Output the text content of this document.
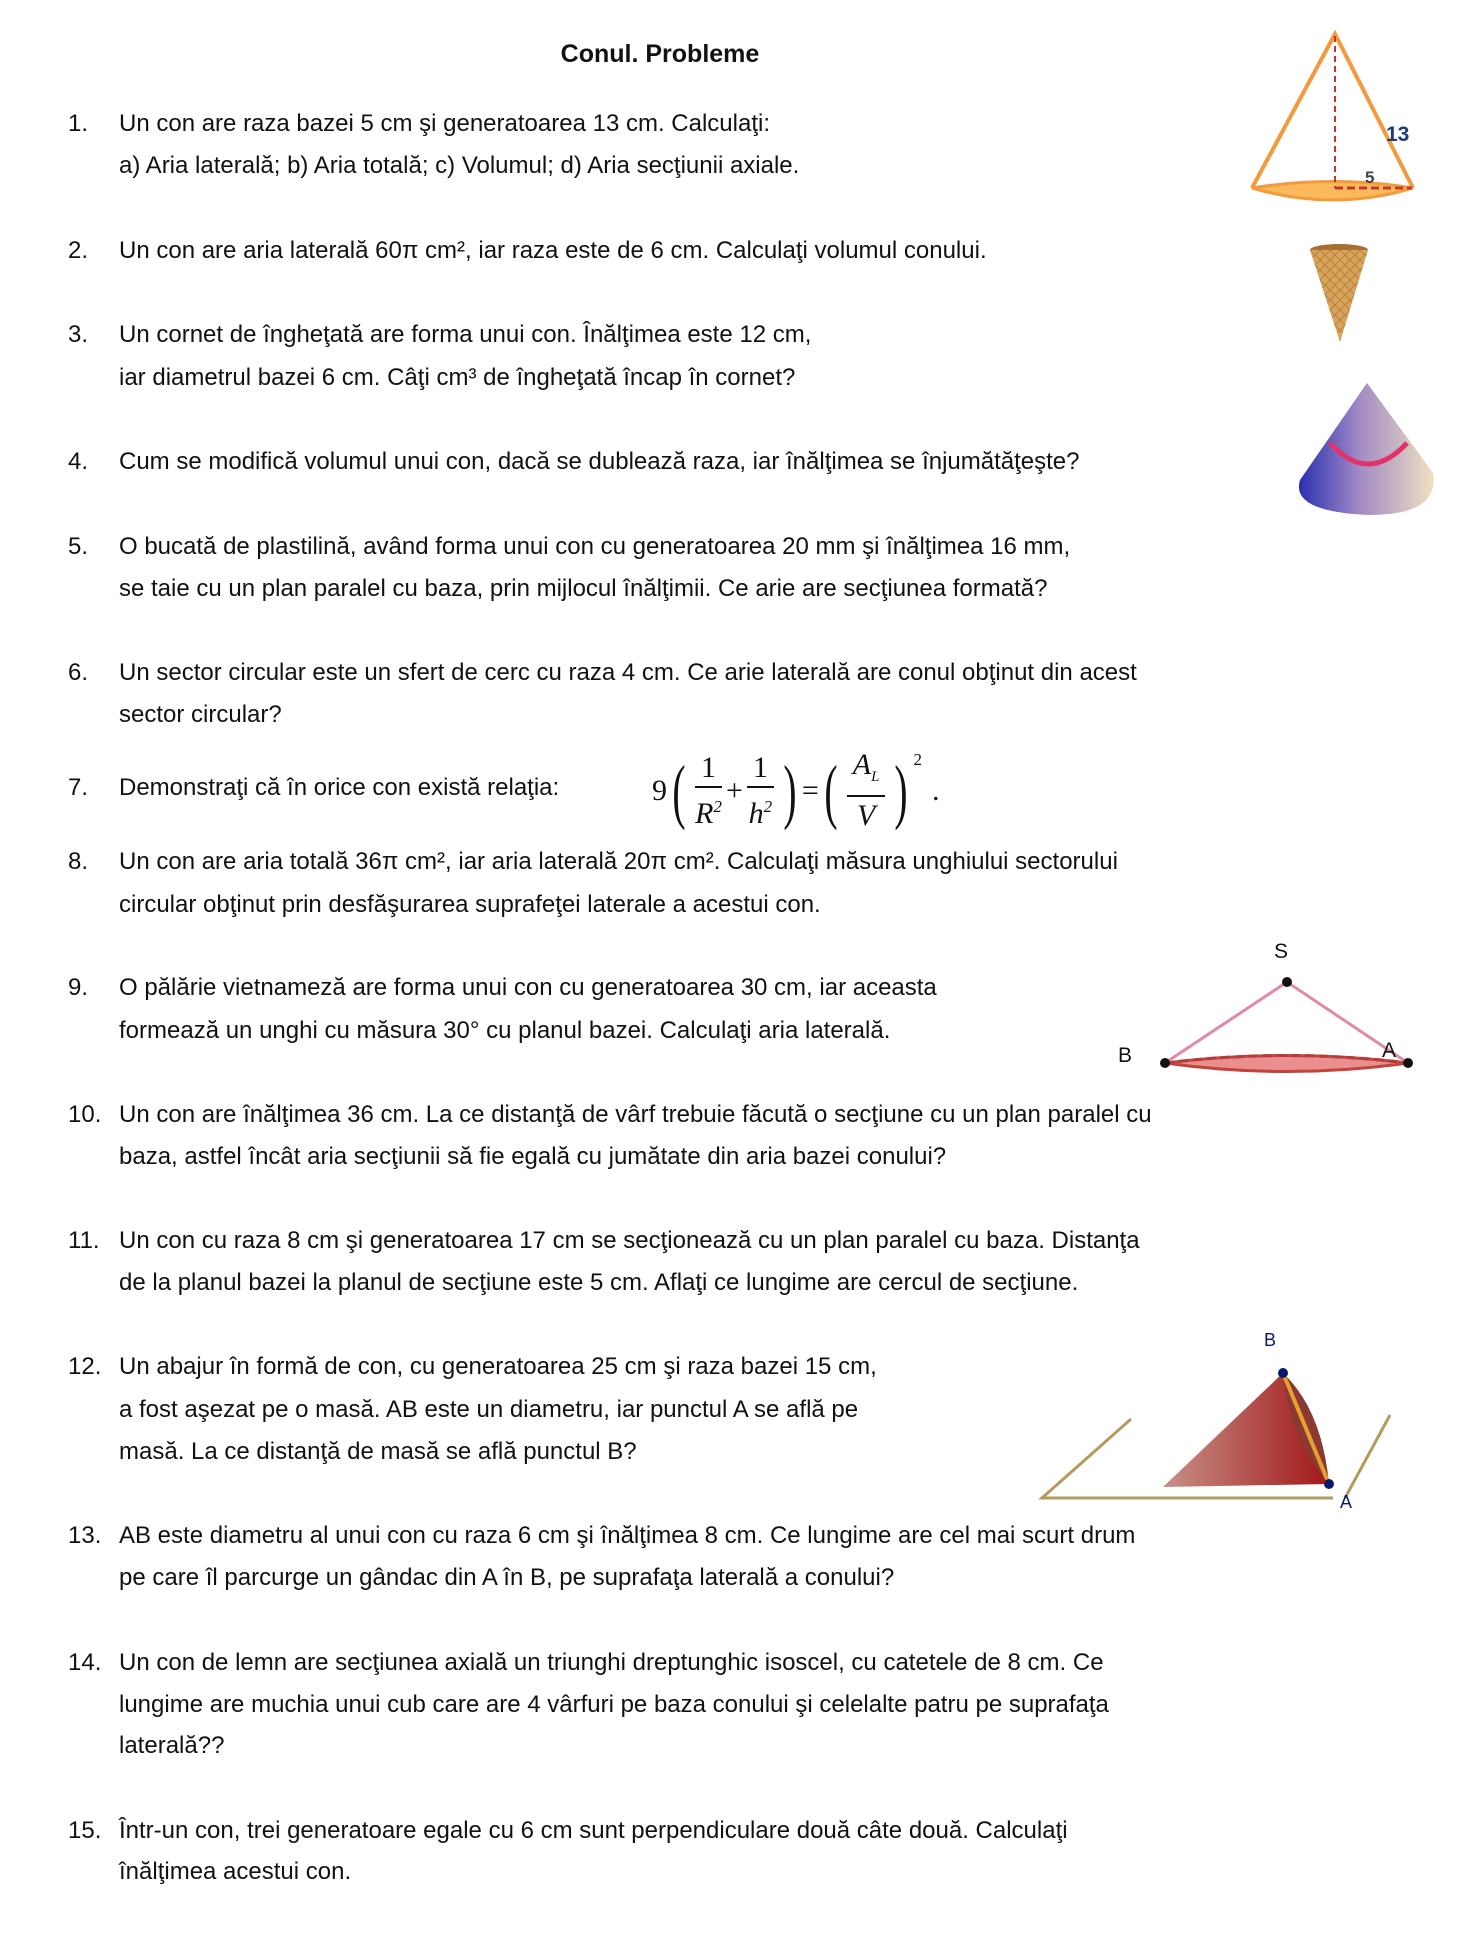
Conul. Probleme
1. Un con are raza bazei 5 cm şi generatoarea 13 cm. Calculaţi:
a) Aria laterală; b) Aria totală; c) Volumul; d) Aria secţiunii axiale.
2. Un con are aria laterală 60π cm², iar raza este de 6 cm. Calculaţi volumul conului.
3. Un cornet de îngheţată are forma unui con. Înălţimea este 12 cm,
iar diametrul bazei 6 cm. Câţi cm³ de îngheţată încap în cornet?
4. Cum se modifică volumul unui con, dacă se dublează raza, iar înălţimea se înjumătăţeşte?
5. O bucată de plastilină, având forma unui con cu generatoarea 20 mm şi înălţimea 16 mm,
se taie cu un plan paralel cu baza, prin mijlocul înălţimii. Ce arie are secţiunea formată?
6. Un sector circular este un sfert de cerc cu raza 4 cm. Ce arie laterală are conul obţinut din acest
sector circular?
7. Demonstraţi că în orice con există relaţia:
8. Un con are aria totală 36π cm², iar aria laterală 20π cm². Calculaţi măsura unghiului sectorului
circular obţinut prin desfăşurarea suprafeţei laterale a acestui con.
9. O pălărie vietnameză are forma unui con cu generatoarea 30 cm, iar aceasta
formează un unghi cu măsura 30° cu planul bazei. Calculaţi aria laterală.
10. Un con are înălţimea 36 cm. La ce distanţă de vârf trebuie făcută o secţiune cu un plan paralel cu
baza, astfel încât aria secţiunii să fie egală cu jumătate din aria bazei conului?
11. Un con cu raza 8 cm şi generatoarea 17 cm se secţionează cu un plan paralel cu baza. Distanţa
de la planul bazei la planul de secţiune este 5 cm. Aflaţi ce lungime are cercul de secţiune.
12. Un abajur în formă de con, cu generatoarea 25 cm şi raza bazei 15 cm,
a fost aşezat pe o masă. AB este un diametru, iar punctul A se află pe
masă. La ce distanţă de masă se află punctul B?
13. AB este diametru al unui con cu raza 6 cm şi înălţimea 8 cm. Ce lungime are cel mai scurt drum
pe care îl parcurge un gândac din A în B, pe suprafaţa laterală a conului?
14. Un con de lemn are secţiunea axială un triunghi dreptunghic isoscel, cu catetele de 8 cm. Ce
lungime are muchia unui cub care are 4 vârfuri pe baza conului şi celelalte patru pe suprafaţa
laterală??
15. Într-un con, trei generatoare egale cu 6 cm sunt perpendiculare două câte două. Calculaţi
înălţimea acestui con.
9 ( $\frac{1}{R^2} + \frac{1}{h^2}$ ) = ( $\frac{A_L}{V}$ ) $^2$
.
13
5
S
B	A
B
A
